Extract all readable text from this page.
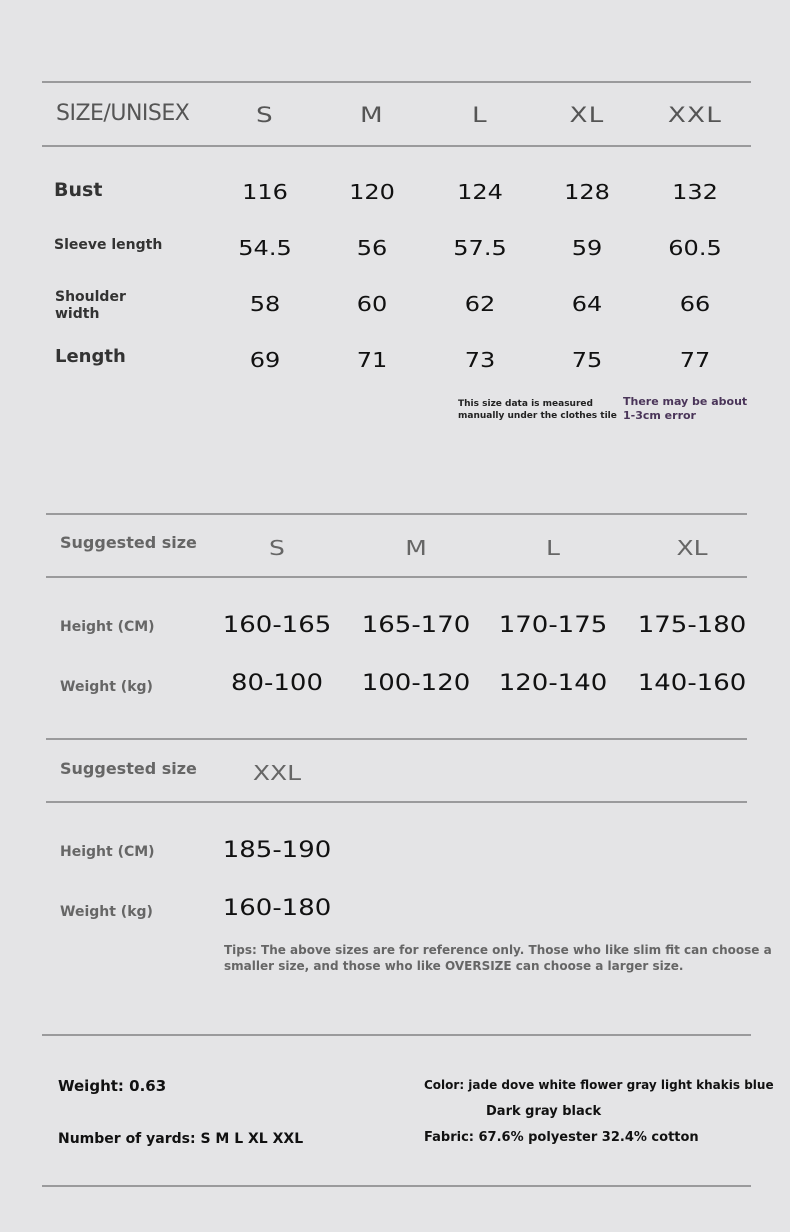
SIZE/UNISEX	S	M	L	XL	XXL
Bust	116	120	124	128	132
Sleeve length	54.5	56	57.5	59	60.5
Shoulder
width	58	60	62	64	66
Length	69	71	73	75	77
This size data is measured
manually under the clothes tile
There may be about
1-3cm error
Suggested size	S	M	L	XL
Height (CM)	160-165 165-170 170-175 175-180
Weight (kg)	80-100 100-120 120-140 140-160
Suggested size	XXL
Height (CM)	185-190
Weight (kg)	160-180
Tips: The above sizes are for reference only. Those who like slim fit can choose a
smaller size, and those who like OVERSIZE can choose a larger size.
Weight: 0.63
Number of yards: S M L XL XXL
Color: jade dove white flower gray light khakis blue
Dark gray black
Fabric: 67.6% polyester 32.4% cotton
